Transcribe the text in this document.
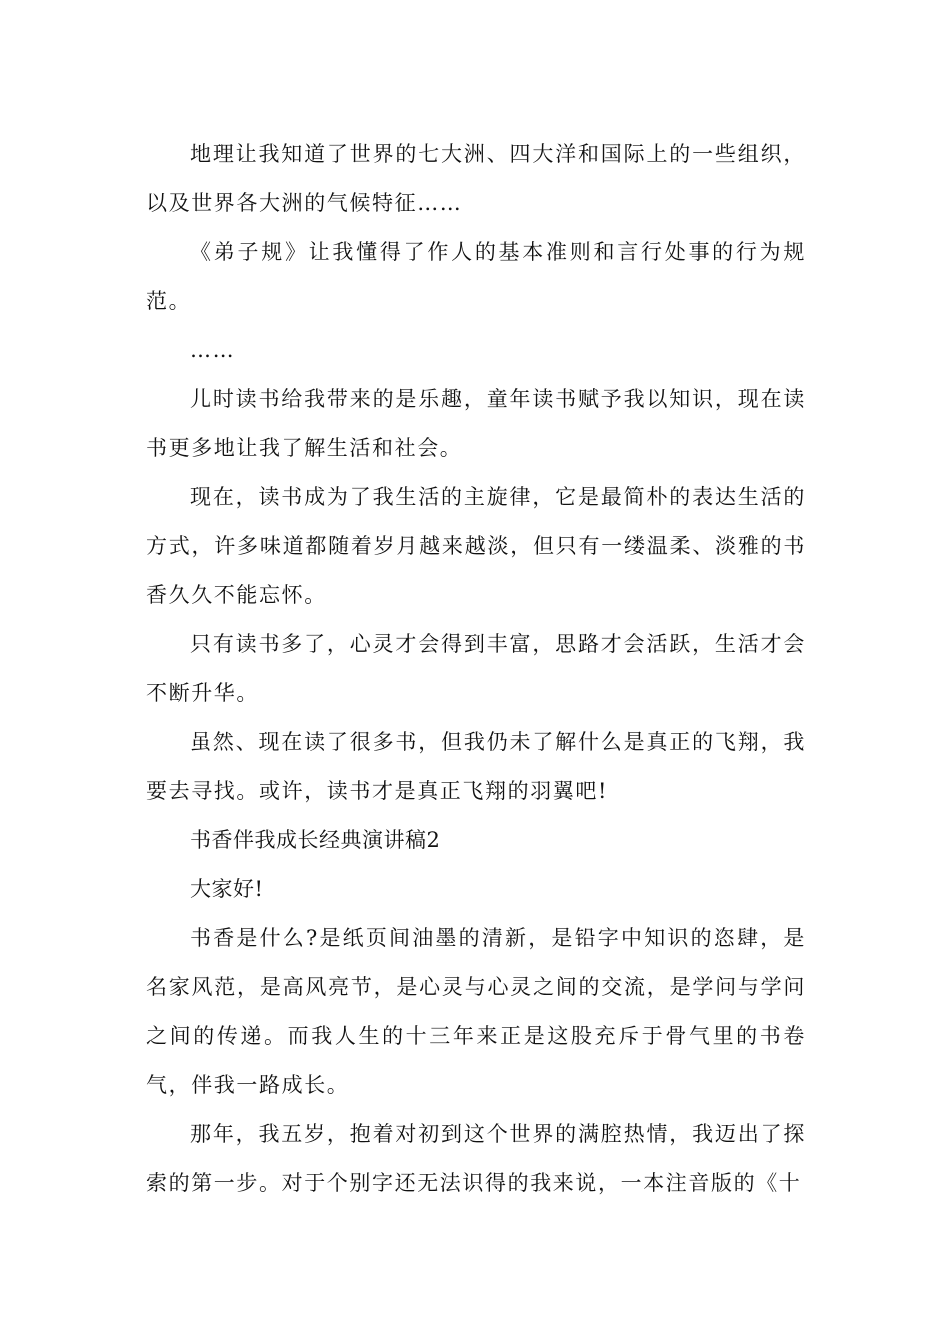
地理让我知道了世界的七大洲、四大洋和国际上的一些组织，以及世界各大洲的气候特征……

《弟子规》让我懂得了作人的基本准则和言行处事的行为规范。

……

儿时读书给我带来的是乐趣，童年读书赋予我以知识，现在读书更多地让我了解生活和社会。

现在，读书成为了我生活的主旋律，它是最简朴的表达生活的方式，许多味道都随着岁月越来越淡，但只有一缕温柔、淡雅的书香久久不能忘怀。

只有读书多了，心灵才会得到丰富，思路才会活跃，生活才会不断升华。

虽然、现在读了很多书，但我仍未了解什么是真正的飞翔，我要去寻找。或许，读书才是真正飞翔的羽翼吧!

书香伴我成长经典演讲稿2

大家好!

书香是什么?是纸页间油墨的清新，是铅字中知识的恣肆，是名家风范，是高风亮节，是心灵与心灵之间的交流，是学问与学问之间的传递。而我人生的十三年来正是这股充斥于骨气里的书卷气，伴我一路成长。

那年，我五岁，抱着对初到这个世界的满腔热情，我迈出了探索的第一步。对于个别字还无法识得的我来说，一本注音版的《十
